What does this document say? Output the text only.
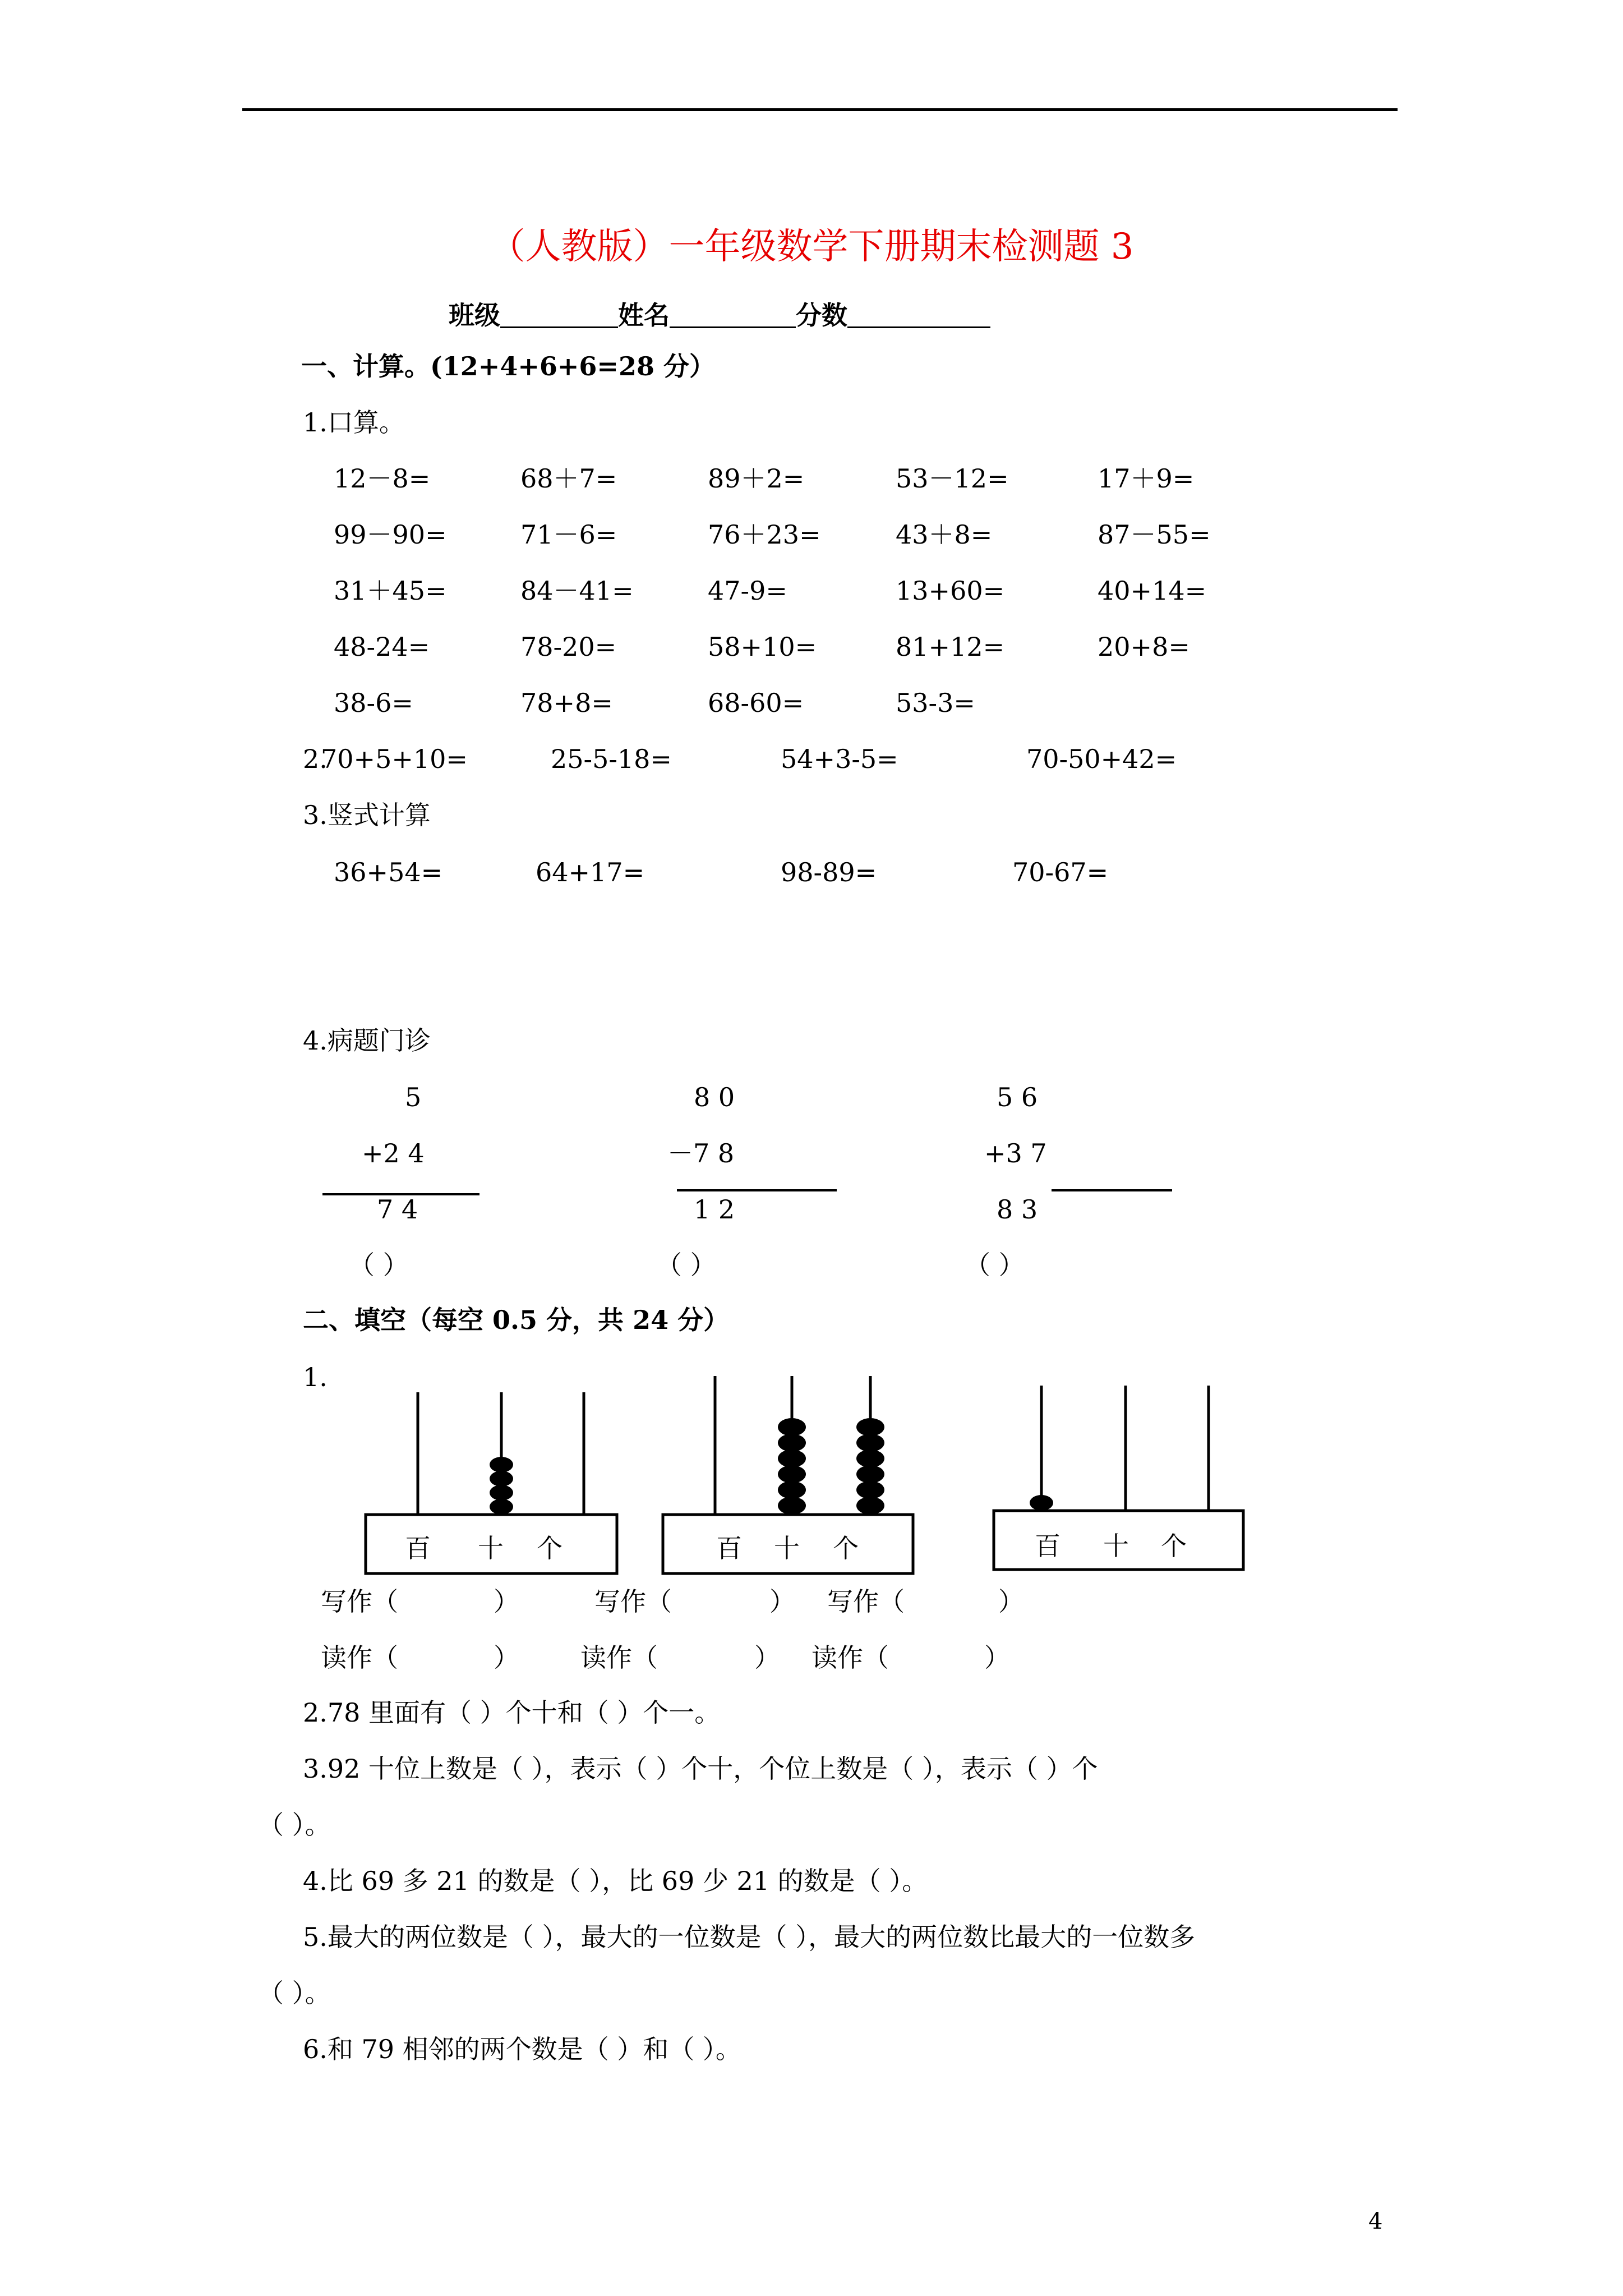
（人教版）一年级数学下册期末检测题 3
班级	姓名	分数
一、计算。(12+4+6+6=28 分）
1.口算。
12－8=	68＋7=	89＋2=	53－12=	17＋9=
99－90=	71－6=	76＋23=	43＋8=	87－55=
31＋45=	84－41=	47-9=	13+60=	40+14=
48-24=	78-20=	58+10=	81+12=	20+8=
38-6=	78+8=	68-60=	53-3=
2.
70+5+10=	25-5-18=	54+3-5=	70-50+42=
3.竖式计算
36+54=	64+17=	98-89=	70-67=
4.病题门诊
5
+2 4
7 4
（ ）
8 0
－7 8
1 2
（ ）
5 6
+3 7
8 3
（ ）
二、填空（每空 0.5 分，共 24 分）
1.
百 十 个	百 十 个	百 十 个
写作（	）	写作（	） 写作（	）
读作（	） 读作（	） 读作（	）
2.78 里面有（ ）个十和（ ）个一。
3.92 十位上数是（ ），表示（ ）个十，个位上数是（ ），表示（ ）个
（ ）。
4.比 69 多 21 的数是（ ），比 69 少 21 的数是（ ）。
5.最大的两位数是（ ），最大的一位数是（ ），最大的两位数比最大的一位数多
（ ）。
6.和 79 相邻的两个数是（ ）和（ ）。
4
